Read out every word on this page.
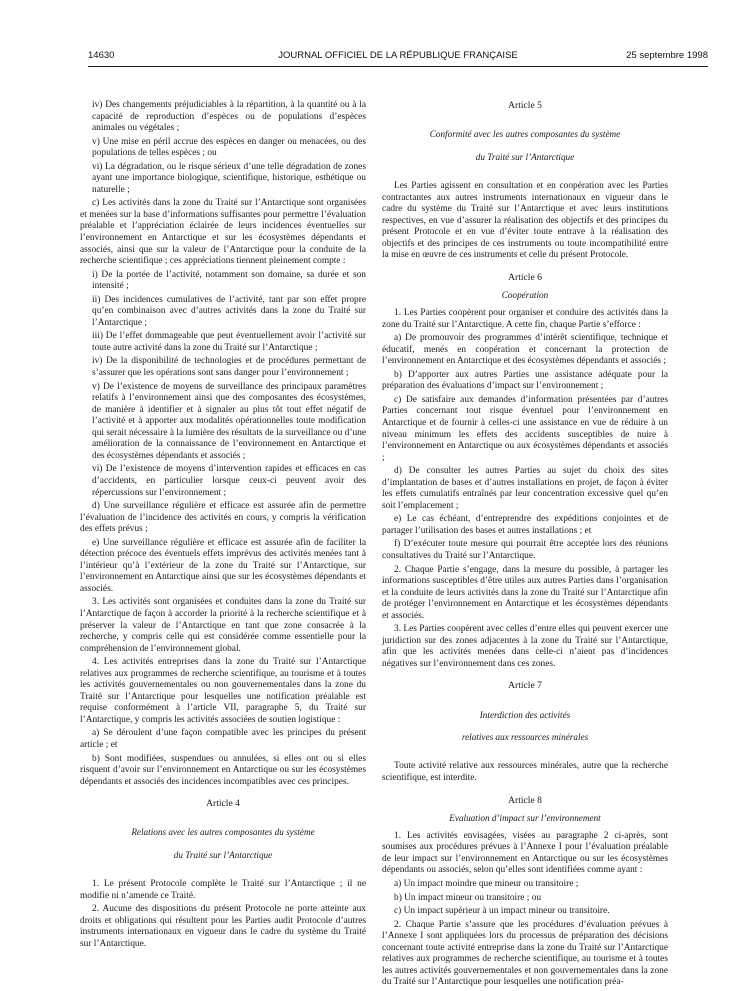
14630	JOURNAL OFFICIEL DE LA RÉPUBLIQUE FRANÇAISE	25 septembre 1998

iv) Des changements préjudiciables à la répartition, à la quantité ou à la capacité de reproduction d’espèces ou de populations d’espèces animales ou végétales ;

v) Une mise en péril accrue des espèces en danger ou menacées, ou des populations de telles espèces ; ou

vi) La dégradation, ou le risque sérieux d’une telle dégradation de zones ayant une importance biologique, scientifique, historique, esthétique ou naturelle ;

c) Les activités dans la zone du Traité sur l’Antarctique sont organisées et menées sur la base d’informations suffisantes pour permettre l’évaluation préalable et l’appréciation éclairée de leurs incidences éventuelles sur l’environnement en Antarctique et sur les écosystèmes dépendants et associés, ainsi que sur la valeur de l’Antarctique pour la conduite de la recherche scientifique ; ces appréciations tiennent pleinement compte :

i) De la portée de l’activité, notamment son domaine, sa durée et son intensité ;

ii) Des incidences cumulatives de l’activité, tant par son effet propre qu’en combinaison avec d’autres activités dans la zone du Traité sur l’Antarctique ;

iii) De l’effet dommageable que peut éventuellement avoir l’activité sur toute autre activité dans la zone du Traité sur l’Antarctique ;

iv) De la disponibilité de technologies et de procédures permettant de s’assurer que les opérations sont sans danger pour l’environnement ;

v) De l’existence de moyens de surveillance des principaux paramètres relatifs à l’environnement ainsi que des composantes des écosystèmes, de manière à identifier et à signaler au plus tôt tout effet négatif de l’activité et à apporter aux modalités opérationnelles toute modification qui serait nécessaire à la lumière des résultats de la surveillance ou d’une amélioration de la connaissance de l’environnement en Antarctique et des écosystèmes dépendants et associés ;

vi) De l’existence de moyens d’intervention rapides et efficaces en cas d’accidents, en particulier lorsque ceux-ci peuvent avoir des répercussions sur l’environnement ;

d) Une surveillance régulière et efficace est assurée afin de permettre l’évaluation de l’incidence des activités en cours, y compris la vérification des effets prévus ;

e) Une surveillance régulière et efficace est assurée afin de faciliter la détection précoce des éventuels effets imprévus des activités menées tant à l’intérieur qu’à l’extérieur de la zone du Traité sur l’Antarctique, sur l’environnement en Antarctique ainsi que sur les écosystèmes dépendants et associés.

3. Les activités sont organisées et conduites dans la zone du Traité sur l’Antarctique de façon à accorder la priorité à la recherche scientifique et à préserver la valeur de l’Antarctique en tant que zone consacrée à la recherche, y compris celle qui est considérée comme essentielle pour la compréhension de l’environnement global.

4. Les activités entreprises dans la zone du Traité sur l’Antarctique relatives aux programmes de recherche scientifique, au tourisme et à toutes les activités gouvernementales ou non gouvernementales dans la zone du Traité sur l’Antarctique pour lesquelles une notification préalable est requise conformément à l’article VII, paragraphe 5, du Traité sur l’Antarctique, y compris les activités associées de soutien logistique :

a) Se déroulent d’une façon compatible avec les principes du présent article ; et

b) Sont modifiées, suspendues ou annulées, si elles ont ou si elles risquent d’avoir sur l’environnement en Antarctique ou sur les écosystèmes dépendants et associés des incidences incompatibles avec ces principes.

Article 4

Relations avec les autres composantes du système

du Traité sur l’Antarctique

1. Le présent Protocole complète le Traité sur l’Antarctique ; il ne modifie ni n’amende ce Traité.

2. Aucune des dispositions du présent Protocole ne porte atteinte aux droits et obligations qui résultent pour les Parties audit Protocole d’autres instruments internationaux en vigueur dans le cadre du système du Traité sur l’Antarctique.

Article 5

Conformité avec les autres composantes du système

du Traité sur l’Antarctique

Les Parties agissent en consultation et en coopération avec les Parties contractantes aux autres instruments internationaux en vigueur dans le cadre du système du Traité sur l’Antarctique et avec leurs institutions respectives, en vue d’assurer la réalisation des objectifs et des principes du présent Protocole et en vue d’éviter toute entrave à la réalisation des objectifs et des principes de ces instruments ou toute incompatibilité entre la mise en œuvre de ces instruments et celle du présent Protocole.

Article 6
Coopération

1. Les Parties coopèrent pour organiser et conduire des activités dans la zone du Traité sur l’Antarctique. A cette fin, chaque Partie s’efforce :

a) De promouvoir des programmes d’intérêt scientifique, technique et éducatif, menés en coopération et concernant la protection de l’environnement en Antarctique et des écosystèmes dépendants et associés ;

b) D’apporter aux autres Parties une assistance adéquate pour la préparation des évaluations d’impact sur l’environnement ;

c) De satisfaire aux demandes d’information présentées par d’autres Parties concernant tout risque éventuel pour l’environnement en Antarctique et de fournir à celles-ci une assistance en vue de réduire à un niveau minimum les effets des accidents susceptibles de nuire à l’environnement en Antarctique ou aux écosystèmes dépendants et associés ;

d) De consulter les autres Parties au sujet du choix des sites d’implantation de bases et d’autres installations en projet, de façon à éviter les effets cumulatifs entraînés par leur concentration excessive quel qu’en soit l’emplacement ;

e) Le cas échéant, d’entreprendre des expéditions conjointes et de partager l’utilisation des bases et autres installations ; et

f) D’exécuter toute mesure qui pourrait être acceptée lors des réunions consultatives du Traité sur l’Antarctique.

2. Chaque Partie s’engage, dans la mesure du possible, à partager les informations susceptibles d’être utiles aux autres Parties dans l’organisation et la conduite de leurs activités dans la zone du Traité sur l’Antarctique afin de protéger l’environnement en Antarctique et les écosystèmes dépendants et associés.

3. Les Parties coopèrent avec celles d’entre elles qui peuvent exercer une juridiction sur des zones adjacentes à la zone du Traité sur l’Antarctique, afin que les activités menées dans celle-ci n’aient pas d’incidences négatives sur l’environnement dans ces zones.

Article 7

Interdiction des activités

relatives aux ressources minérales

Toute activité relative aux ressources minérales, autre que la recherche scientifique, est interdite.

Article 8
Evaluation d’impact sur l’environnement

1. Les activités envisagées, visées au paragraphe 2 ci-après, sont soumises aux procédures prévues à l’Annexe I pour l’évaluation préalable de leur impact sur l’environnement en Antarctique ou sur les écosystèmes dépendants ou associés, selon qu’elles sont identifiées comme ayant :

a) Un impact moindre que mineur ou transitoire ;

b) Un impact mineur ou transitoire ; ou

c) Un impact supérieur à un impact mineur ou transitoire.

2. Chaque Partie s’assure que les procédures d’évaluation prévues à l’Annexe I sont appliquées lors du processus de préparation des décisions concernant toute activité entreprise dans la zone du Traité sur l’Antarctique relatives aux programmes de recherche scientifique, au tourisme et à toutes les autres activités gouvernementales et non gouvernementales dans la zone du Traité sur l’Antarctique pour lesquelles une notification préa-
